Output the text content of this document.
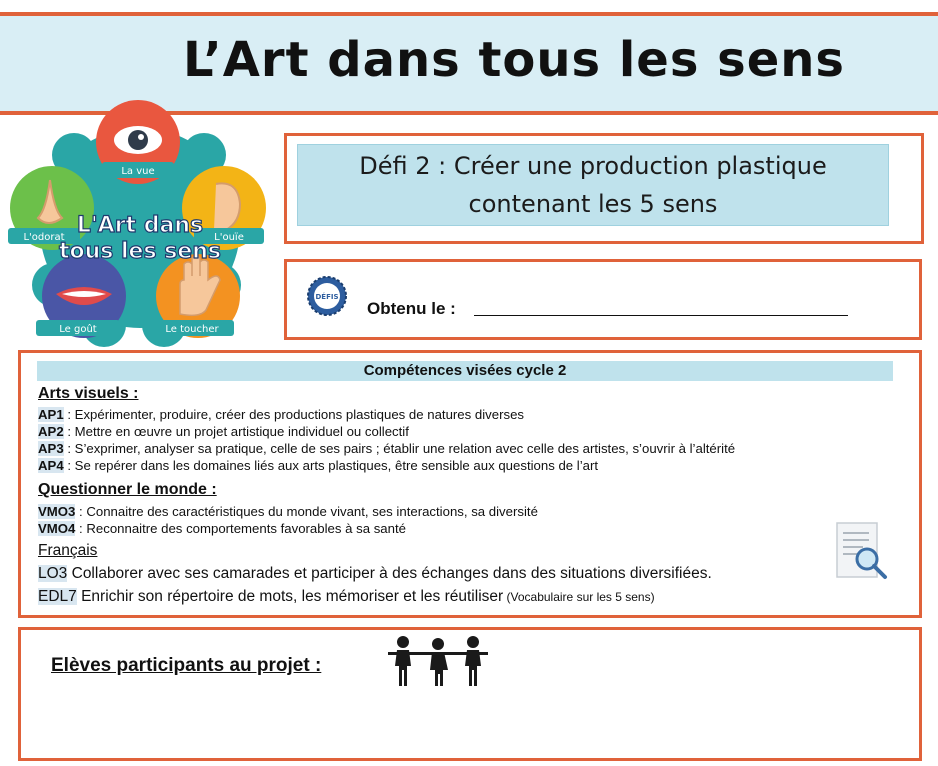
L’Art dans tous les sens
La vue
L'ouïe
L'odorat
Le goût	Le toucher
L'Art dans
tous les sens
Défi 2 : Créer une production plastique
contenant les 5 sens
DÉFIS
Obtenu le :
Compétences visées cycle 2
Arts visuels :
AP1 : Expérimenter, produire, créer des productions plastiques de natures diverses
AP2 : Mettre en œuvre un projet artistique individuel ou collectif
AP3 : S’exprimer, analyser sa pratique, celle de ses pairs ; établir une relation avec celle des artistes, s’ouvrir à l’altérité
AP4 : Se repérer dans les domaines liés aux arts plastiques, être sensible aux questions de l’art
Questionner le monde :
VMO3 : Connaitre des caractéristiques du monde vivant, ses interactions, sa diversité
VMO4 : Reconnaitre des comportements favorables à sa santé
Français
LO3 Collaborer avec ses camarades et participer à des échanges dans des situations diversifiées.
EDL7 Enrichir son répertoire de mots, les mémoriser et les réutiliser (Vocabulaire sur les 5 sens)
Elèves participants au projet :
